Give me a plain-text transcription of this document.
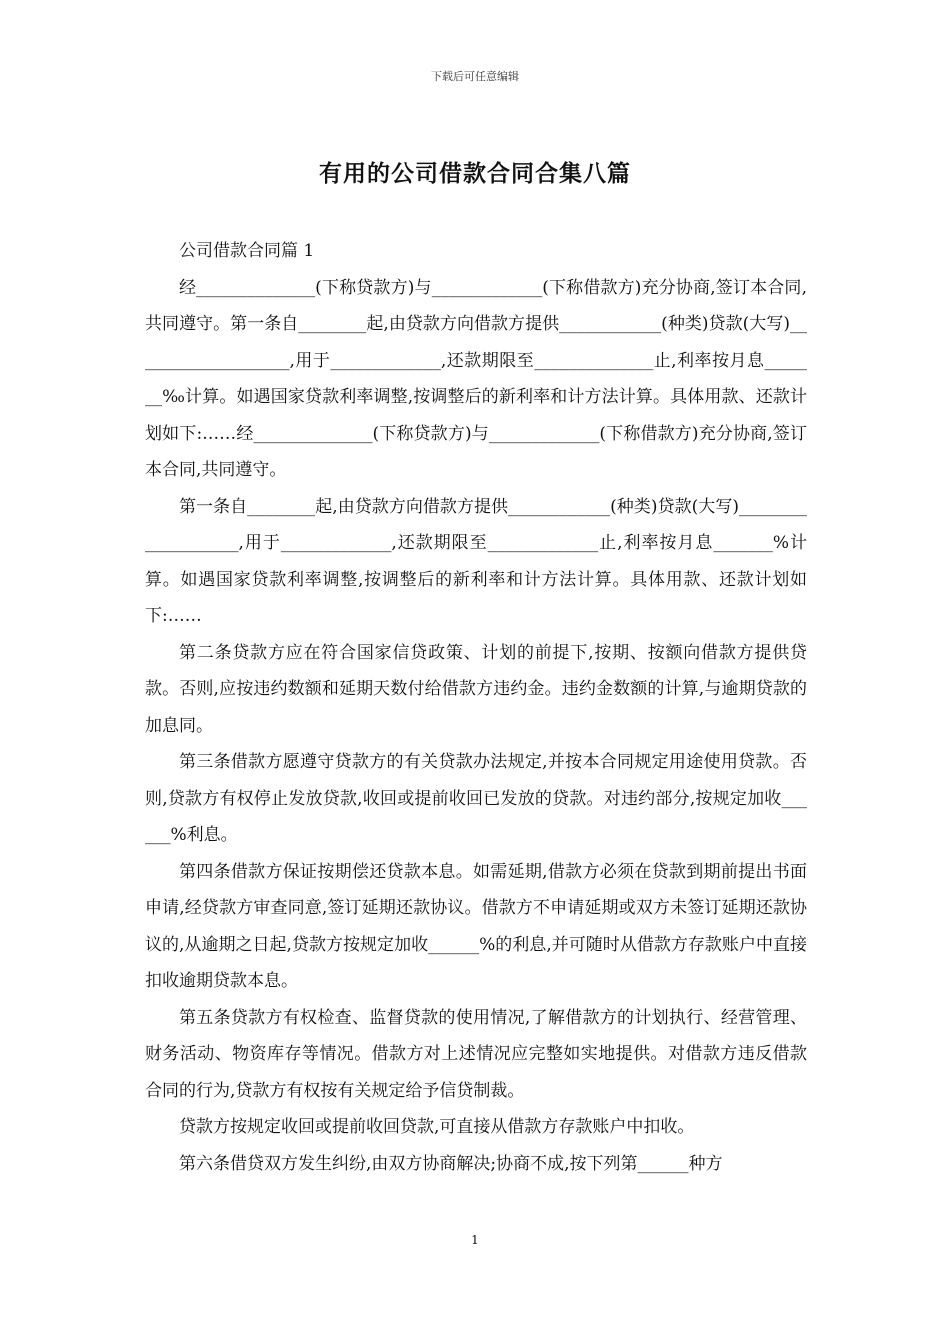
下载后可任意编辑
有用的公司借款合同合集八篇

公司借款合同篇 1

经______________(下称贷款方)与_____________(下称借款方)充分协商,签订本合同,共同遵守。第一条自________起,由贷款方向借款方提供____________(种类)贷款(大写)___________________,用于_____________,还款期限至______________止,利率按月息_______‰计算。如遇国家贷款利率调整,按调整后的新利率和计方法计算。具体用款、还款计划如下:……经______________(下称贷款方)与_____________(下称借款方)充分协商,签订本合同,共同遵守。

第一条自________起,由贷款方向借款方提供____________(种类)贷款(大写)___________________,用于_____________,还款期限至_____________止,利率按月息_______%计算。如遇国家贷款利率调整,按调整后的新利率和计方法计算。具体用款、还款计划如下:……

第二条贷款方应在符合国家信贷政策、计划的前提下,按期、按额向借款方提供贷款。否则,应按违约数额和延期天数付给借款方违约金。违约金数额的计算,与逾期贷款的加息同。

第三条借款方愿遵守贷款方的有关贷款办法规定,并按本合同规定用途使用贷款。否则,贷款方有权停止发放贷款,收回或提前收回已发放的贷款。对违约部分,按规定加收______%利息。

第四条借款方保证按期偿还贷款本息。如需延期,借款方必须在贷款到期前提出书面申请,经贷款方审查同意,签订延期还款协议。借款方不申请延期或双方未签订延期还款协议的,从逾期之日起,贷款方按规定加收______%的利息,并可随时从借款方存款账户中直接扣收逾期贷款本息。

第五条贷款方有权检查、监督贷款的使用情况,了解借款方的计划执行、经营管理、财务活动、物资库存等情况。借款方对上述情况应完整如实地提供。对借款方违反借款合同的行为,贷款方有权按有关规定给予信贷制裁。

贷款方按规定收回或提前收回贷款,可直接从借款方存款账户中扣收。

第六条借贷双方发生纠纷,由双方协商解决;协商不成,按下列第______种方

1
